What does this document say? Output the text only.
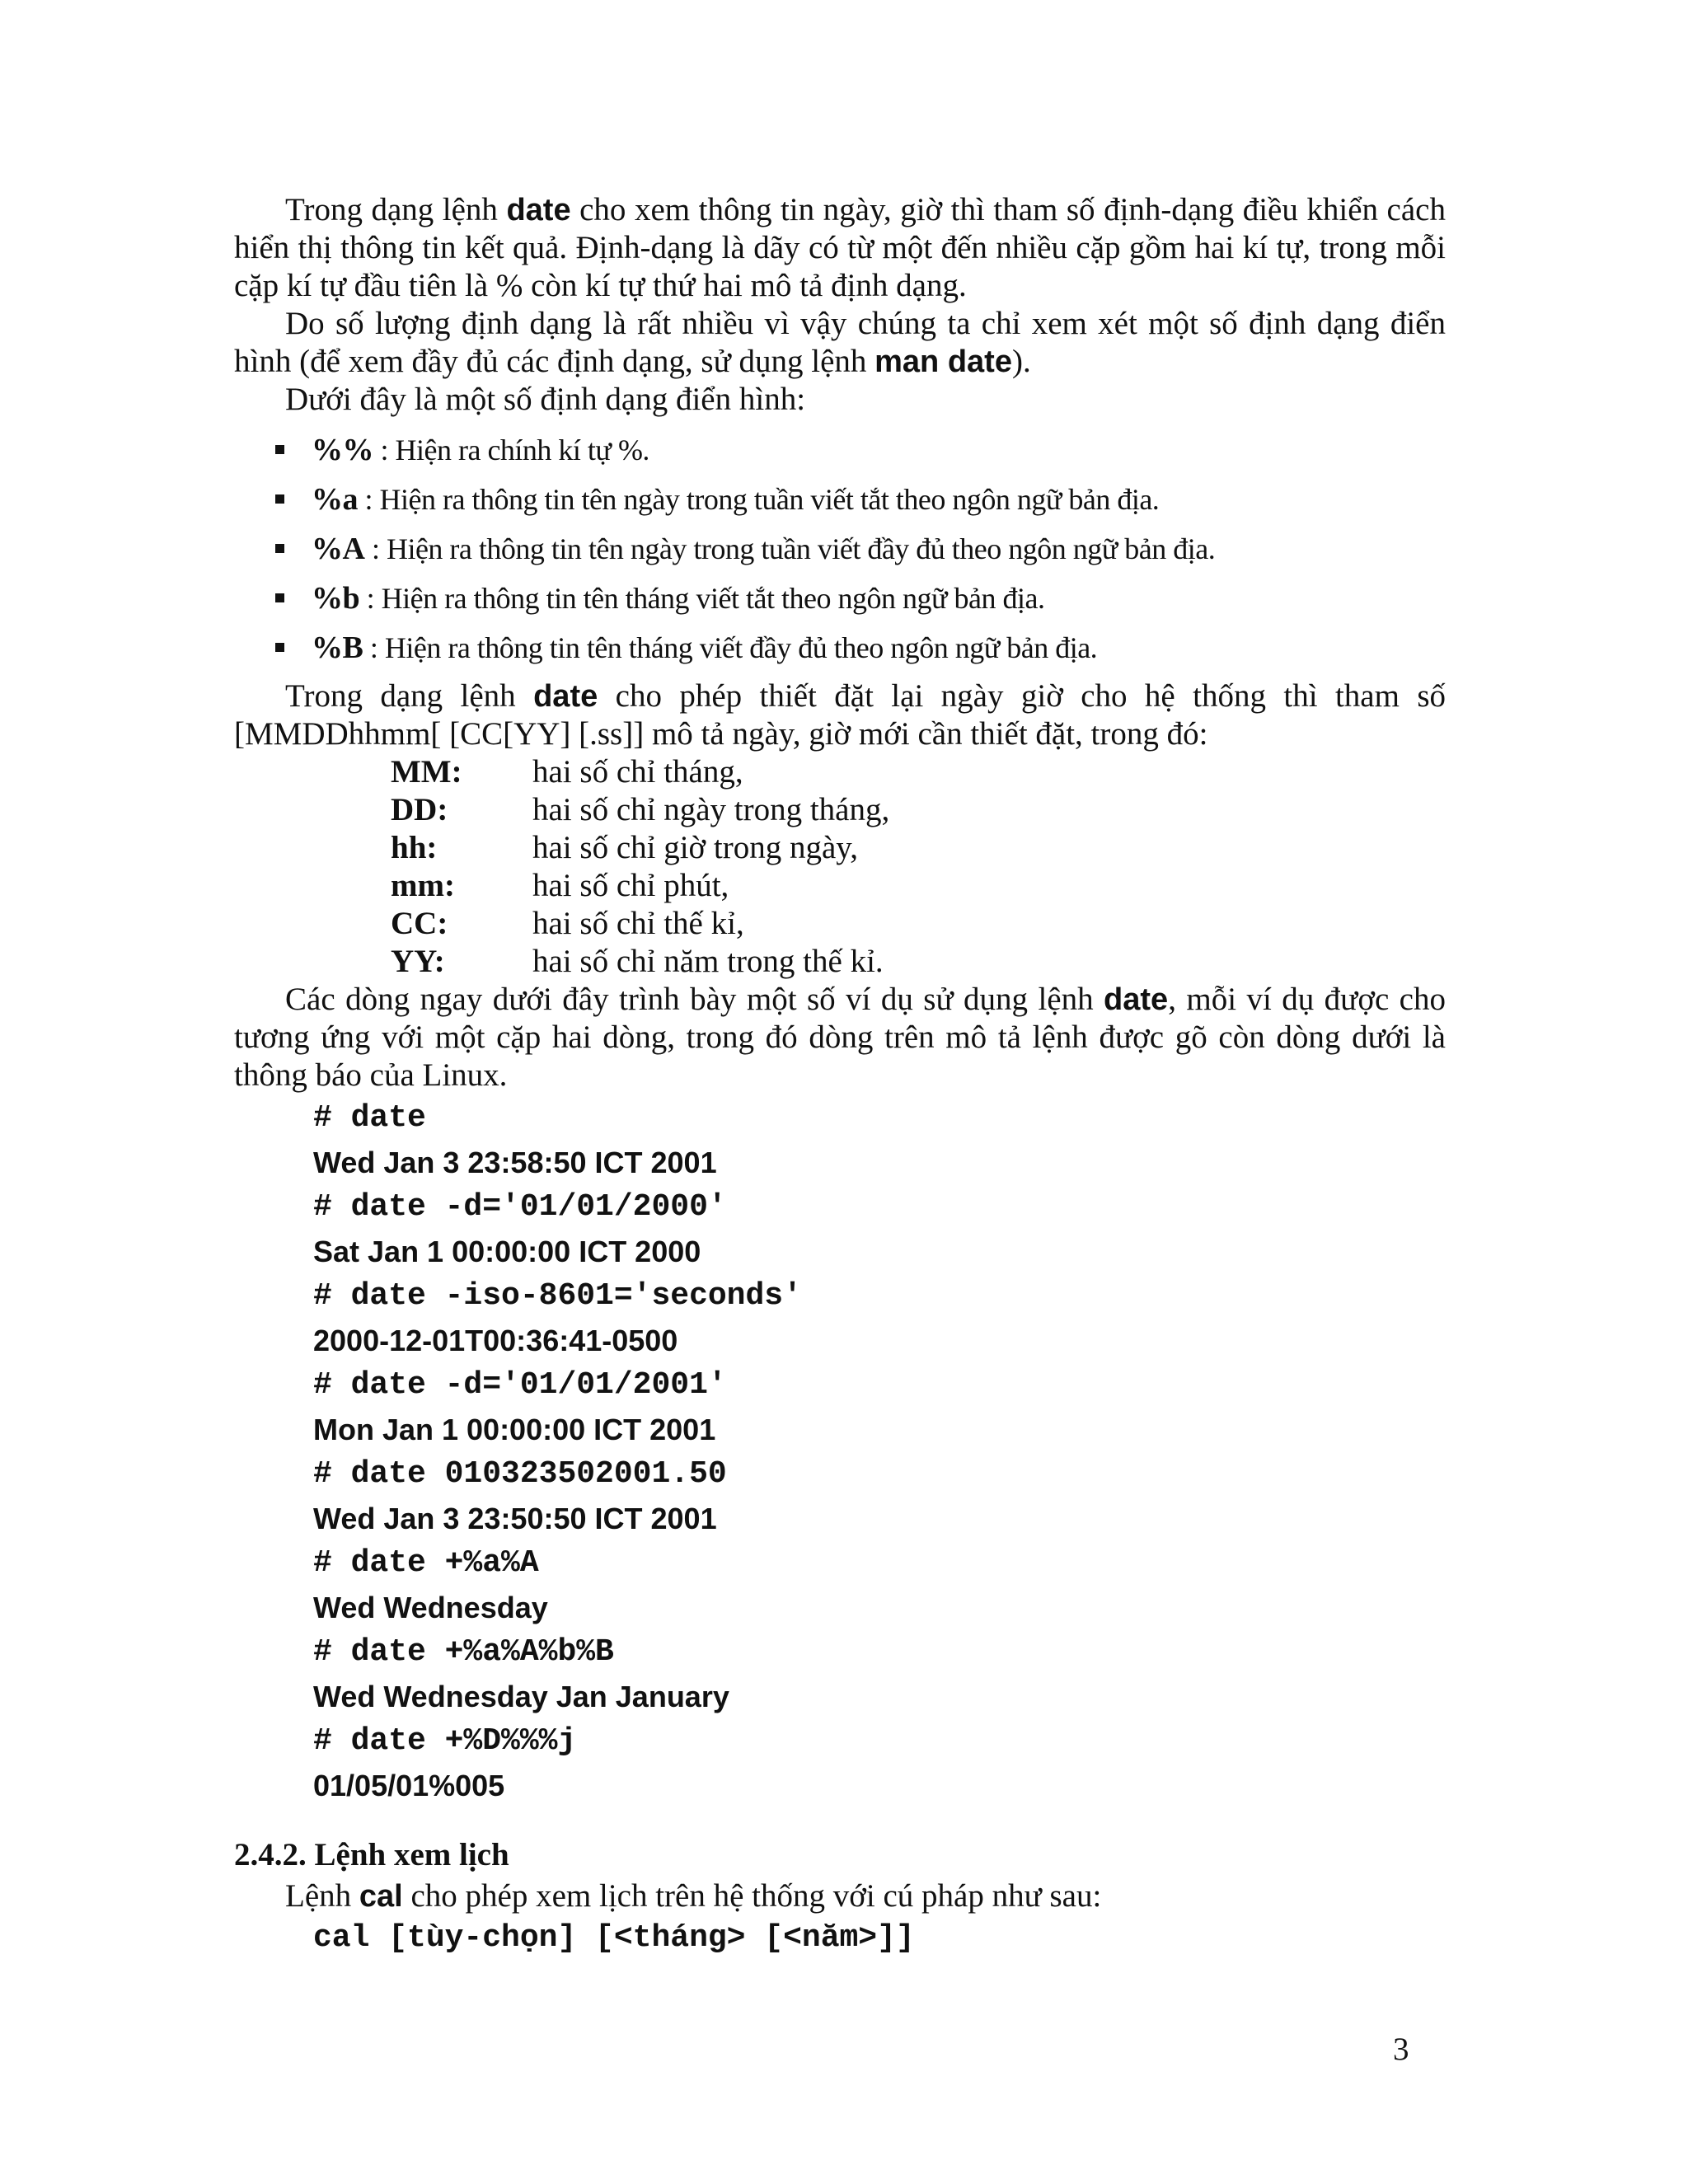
Trong dạng lệnh date cho xem thông tin ngày, giờ thì tham số định-dạng điều khiển cách hiển thị thông tin kết quả. Định-dạng là dãy có từ một đến nhiều cặp gồm hai kí tự, trong mỗi cặp kí tự đầu tiên là % còn kí tự thứ hai mô tả định dạng.

Do số lượng định dạng là rất nhiều vì vậy chúng ta chỉ xem xét một số định dạng điển hình (để xem đầy đủ các định dạng, sử dụng lệnh man date).

Dưới đây là một số định dạng điển hình:

%% : Hiện ra chính kí tự %.
%a : Hiện ra thông tin tên ngày trong tuần viết tắt theo ngôn ngữ bản địa.
%A : Hiện ra thông tin tên ngày trong tuần viết đầy đủ theo ngôn ngữ bản địa.
%b : Hiện ra thông tin tên tháng viết tắt theo ngôn ngữ bản địa.
%B : Hiện ra thông tin tên tháng viết đầy đủ theo ngôn ngữ bản địa.

Trong dạng lệnh date cho phép thiết đặt lại ngày giờ cho hệ thống thì tham số [MMDDhhmm[ [CC[YY] [.ss]] mô tả ngày, giờ mới cần thiết đặt, trong đó:

MM:	hai số chỉ tháng,
DD:	hai số chỉ ngày trong tháng,
hh:	hai số chỉ giờ trong ngày,
mm:	hai số chỉ phút,
CC:	hai số chỉ thế kỉ,
YY:	hai số chỉ năm trong thế kỉ.

Các dòng ngay dưới đây trình bày một số ví dụ sử dụng lệnh date, mỗi ví dụ được cho tương ứng với một cặp hai dòng, trong đó dòng trên mô tả lệnh được gõ còn dòng dưới là thông báo của Linux.

# date
Wed Jan 3 23:58:50 ICT 2001
# date -d='01/01/2000'
Sat Jan 1 00:00:00 ICT 2000
# date -iso-8601='seconds'
2000-12-01T00:36:41-0500
# date -d='01/01/2001'
Mon Jan 1 00:00:00 ICT 2001
# date 010323502001.50
Wed Jan 3 23:50:50 ICT 2001
# date +%a%A
Wed Wednesday
# date +%a%A%b%B
Wed Wednesday Jan January
# date +%D%%%j
01/05/01%005
2.4.2. Lệnh xem lịch

Lệnh cal cho phép xem lịch trên hệ thống với cú pháp như sau:

cal [tùy-chọn] [<tháng> [<năm>]]
3
